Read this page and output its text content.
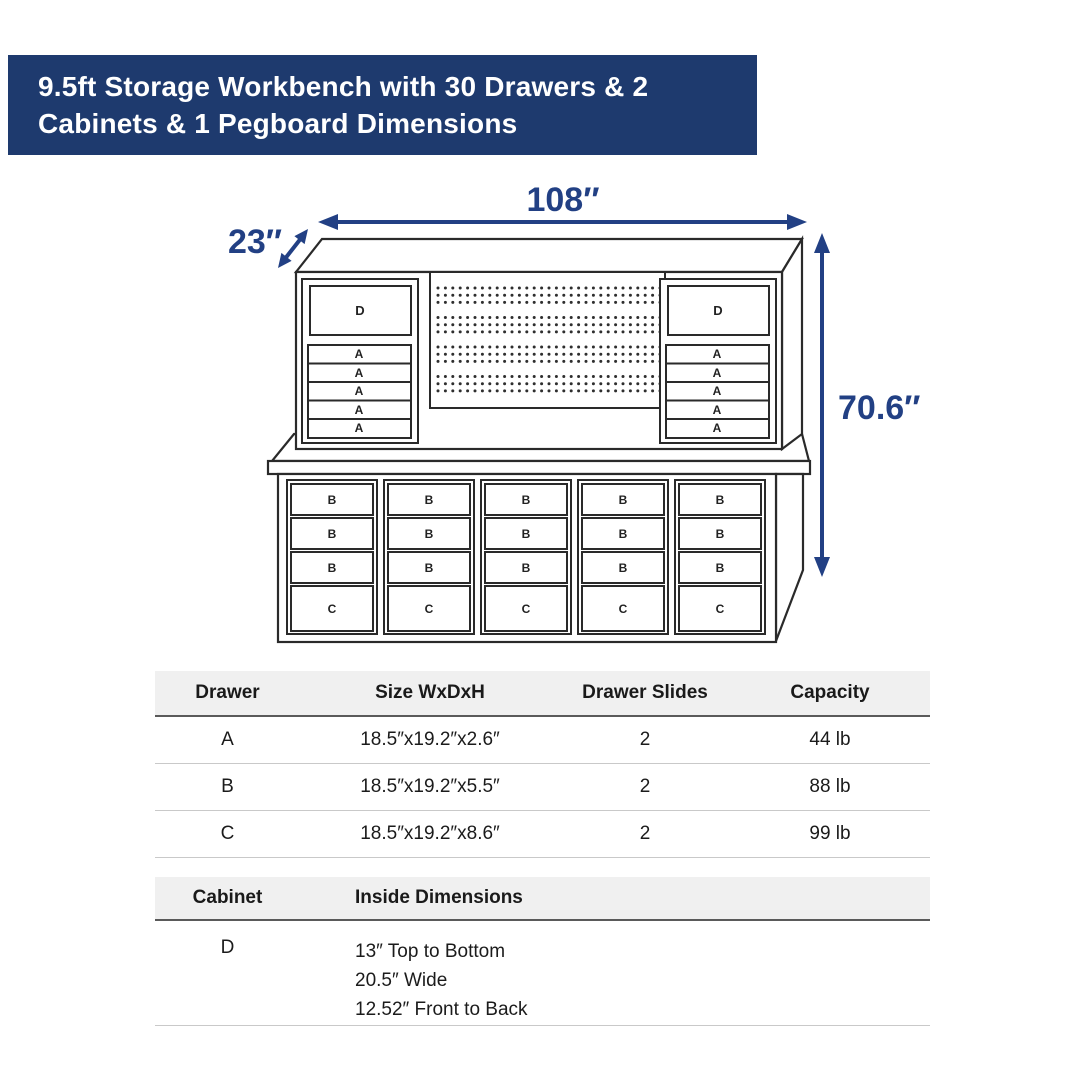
9.5ft Storage Workbench with 30 Drawers & 2
Cabinets & 1 Pegboard Dimensions
B
B
B
C
B
B
B
C
B
B
B
C
B
B
B
C
B
B
B
C
D
A
A
A
A
A
D
A
A
A
A
A
108″
23″
70.6″
Drawer	Size WxDxH	Drawer Slides	Capacity
A	18.5″x19.2″x2.6″	2	44 lb
B	18.5″x19.2″x5.5″	2	88 lb
C	18.5″x19.2″x8.6″	2	99 lb
Cabinet	Inside Dimensions
D	13″ Top to Bottom
20.5″ Wide
12.52″ Front to Back
